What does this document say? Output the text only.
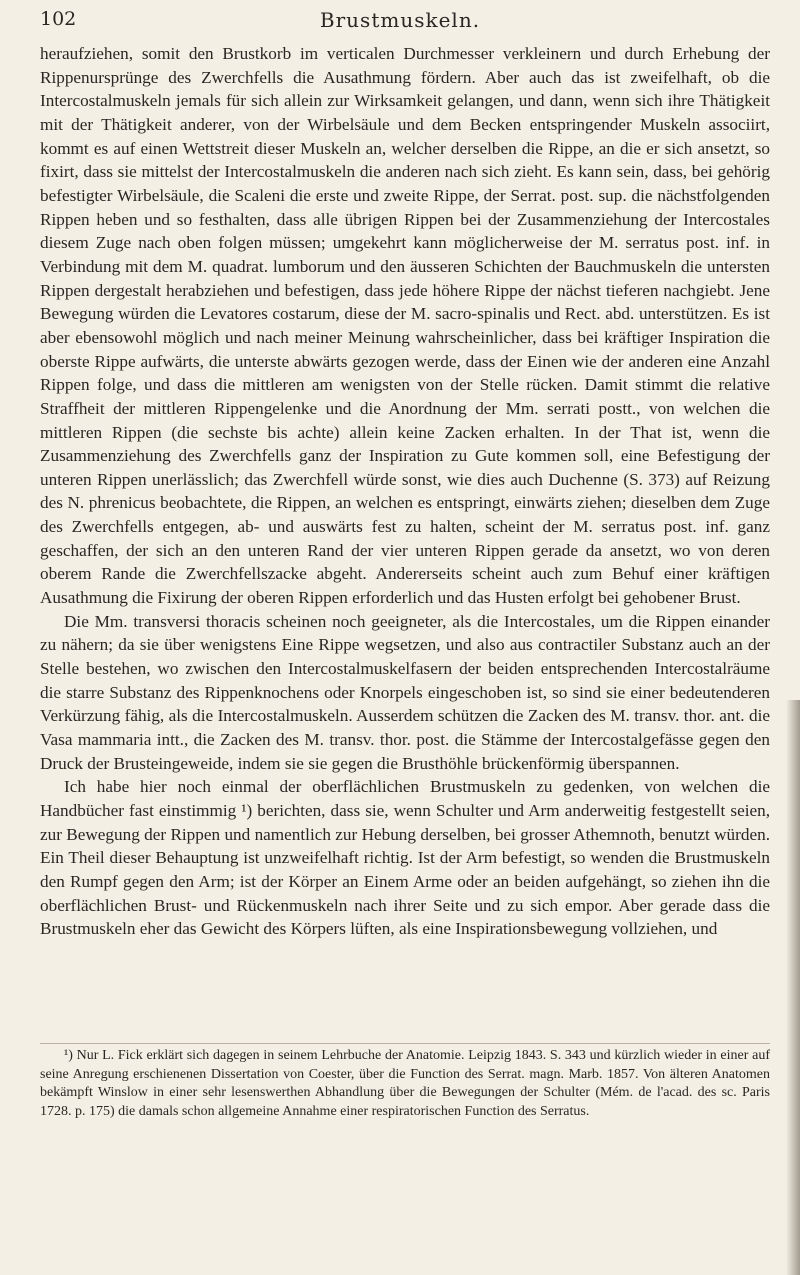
102	Brustmuskeln.

heraufziehen, somit den Brustkorb im verticalen Durchmesser verkleinern und durch Erhebung der Rippenursprünge des Zwerchfells die Ausathmung fördern. Aber auch das ist zweifelhaft, ob die Intercostalmuskeln jemals für sich allein zur Wirksamkeit gelangen, und dann, wenn sich ihre Thätigkeit mit der Thätigkeit anderer, von der Wirbelsäule und dem Becken entspringender Muskeln associirt, kommt es auf einen Wettstreit dieser Muskeln an, welcher derselben die Rippe, an die er sich ansetzt, so fixirt, dass sie mittelst der Intercostalmuskeln die anderen nach sich zieht. Es kann sein, dass, bei gehörig befestigter Wirbelsäule, die Scaleni die erste und zweite Rippe, der Serrat. post. sup. die nächstfolgenden Rippen heben und so festhalten, dass alle übrigen Rippen bei der Zusammenziehung der Intercostales diesem Zuge nach oben folgen müssen; umgekehrt kann möglicherweise der M. serratus post. inf. in Verbindung mit dem M. quadrat. lumborum und den äusseren Schichten der Bauchmuskeln die untersten Rippen dergestalt herabziehen und befestigen, dass jede höhere Rippe der nächst tieferen nachgiebt. Jene Bewegung würden die Levatores costarum, diese der M. sacro-spinalis und Rect. abd. unterstützen. Es ist aber ebensowohl möglich und nach meiner Meinung wahrscheinlicher, dass bei kräftiger Inspiration die oberste Rippe aufwärts, die unterste abwärts gezogen werde, dass der Einen wie der anderen eine Anzahl Rippen folge, und dass die mittleren am wenigsten von der Stelle rücken. Damit stimmt die relative Straffheit der mittleren Rippengelenke und die Anordnung der Mm. serrati postt., von welchen die mittleren Rippen (die sechste bis achte) allein keine Zacken erhalten. In der That ist, wenn die Zusammenziehung des Zwerchfells ganz der Inspiration zu Gute kommen soll, eine Befestigung der unteren Rippen unerlässlich; das Zwerchfell würde sonst, wie dies auch Duchenne (S. 373) auf Reizung des N. phrenicus beobachtete, die Rippen, an welchen es entspringt, einwärts ziehen; dieselben dem Zuge des Zwerchfells entgegen, ab- und auswärts fest zu halten, scheint der M. serratus post. inf. ganz geschaffen, der sich an den unteren Rand der vier unteren Rippen gerade da ansetzt, wo von deren oberem Rande die Zwerchfellszacke abgeht. Andererseits scheint auch zum Behuf einer kräftigen Ausathmung die Fixirung der oberen Rippen erforderlich und das Husten erfolgt bei gehobener Brust.

Die Mm. transversi thoracis scheinen noch geeigneter, als die Intercostales, um die Rippen einander zu nähern; da sie über wenigstens Eine Rippe wegsetzen, und also aus contractiler Substanz auch an der Stelle bestehen, wo zwischen den Intercostalmuskelfasern der beiden entsprechenden Intercostalräume die starre Substanz des Rippenknochens oder Knorpels eingeschoben ist, so sind sie einer bedeutenderen Verkürzung fähig, als die Intercostalmuskeln. Ausserdem schützen die Zacken des M. transv. thor. ant. die Vasa mammaria intt., die Zacken des M. transv. thor. post. die Stämme der Intercostalgefässe gegen den Druck der Brusteingeweide, indem sie sie gegen die Brusthöhle brückenförmig überspannen.

Ich habe hier noch einmal der oberflächlichen Brustmuskeln zu gedenken, von welchen die Handbücher fast einstimmig ¹) berichten, dass sie, wenn Schulter und Arm anderweitig festgestellt seien, zur Bewegung der Rippen und namentlich zur Hebung derselben, bei grosser Athemnoth, benutzt würden. Ein Theil dieser Behauptung ist unzweifelhaft richtig. Ist der Arm befestigt, so wenden die Brustmuskeln den Rumpf gegen den Arm; ist der Körper an Einem Arme oder an beiden aufgehängt, so ziehen ihn die oberflächlichen Brust- und Rückenmuskeln nach ihrer Seite und zu sich empor. Aber gerade dass die Brustmuskeln eher das Gewicht des Körpers lüften, als eine Inspirationsbewegung vollziehen, und

¹) Nur L. Fick erklärt sich dagegen in seinem Lehrbuche der Anatomie. Leipzig 1843. S. 343 und kürzlich wieder in einer auf seine Anregung erschienenen Dissertation von Coester, über die Function des Serrat. magn. Marb. 1857. Von älteren Anatomen bekämpft Winslow in einer sehr lesenswerthen Abhandlung über die Bewegungen der Schulter (Mém. de l'acad. des sc. Paris 1728. p. 175) die damals schon allgemeine Annahme einer respiratorischen Function des Serratus.
